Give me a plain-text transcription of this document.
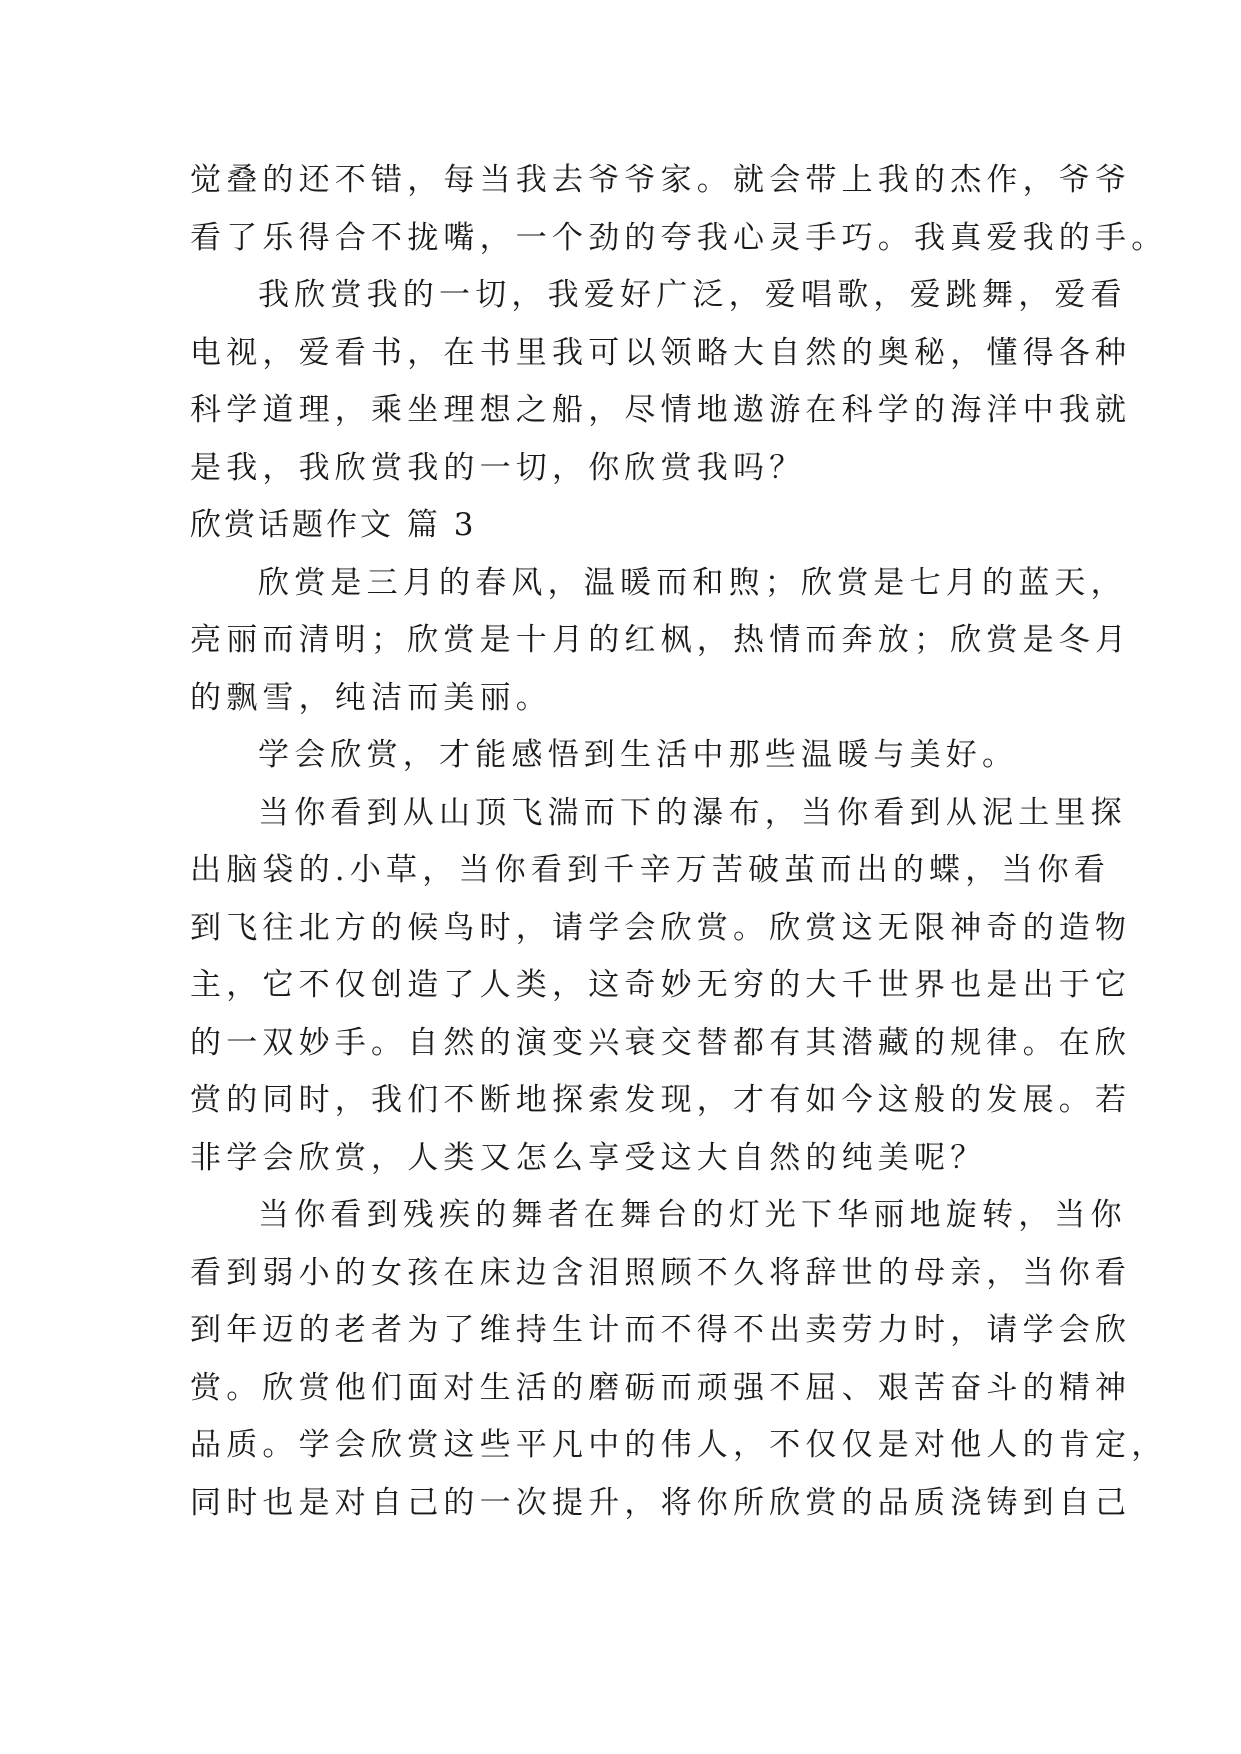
觉叠的还不错，每当我去爷爷家。就会带上我的杰作，爷爷
看了乐得合不拢嘴，一个劲的夸我心灵手巧。我真爱我的手。
我欣赏我的一切，我爱好广泛，爱唱歌，爱跳舞，爱看
电视，爱看书，在书里我可以领略大自然的奥秘，懂得各种
科学道理，乘坐理想之船，尽情地遨游在科学的海洋中我就
是我，我欣赏我的一切，你欣赏我吗？
欣赏话题作文 篇 3
欣赏是三月的春风，温暖而和煦；欣赏是七月的蓝天，
亮丽而清明；欣赏是十月的红枫，热情而奔放；欣赏是冬月
的飘雪，纯洁而美丽。
学会欣赏，才能感悟到生活中那些温暖与美好。
当你看到从山顶飞湍而下的瀑布，当你看到从泥土里探
出脑袋的.小草，当你看到千辛万苦破茧而出的蝶，当你看
到飞往北方的候鸟时，请学会欣赏。欣赏这无限神奇的造物
主，它不仅创造了人类，这奇妙无穷的大千世界也是出于它
的一双妙手。自然的演变兴衰交替都有其潜藏的规律。在欣
赏的同时，我们不断地探索发现，才有如今这般的发展。若
非学会欣赏，人类又怎么享受这大自然的纯美呢？
当你看到残疾的舞者在舞台的灯光下华丽地旋转，当你
看到弱小的女孩在床边含泪照顾不久将辞世的母亲，当你看
到年迈的老者为了维持生计而不得不出卖劳力时，请学会欣
赏。欣赏他们面对生活的磨砺而顽强不屈、艰苦奋斗的精神
品质。学会欣赏这些平凡中的伟人，不仅仅是对他人的肯定，
同时也是对自己的一次提升，将你所欣赏的品质浇铸到自己
